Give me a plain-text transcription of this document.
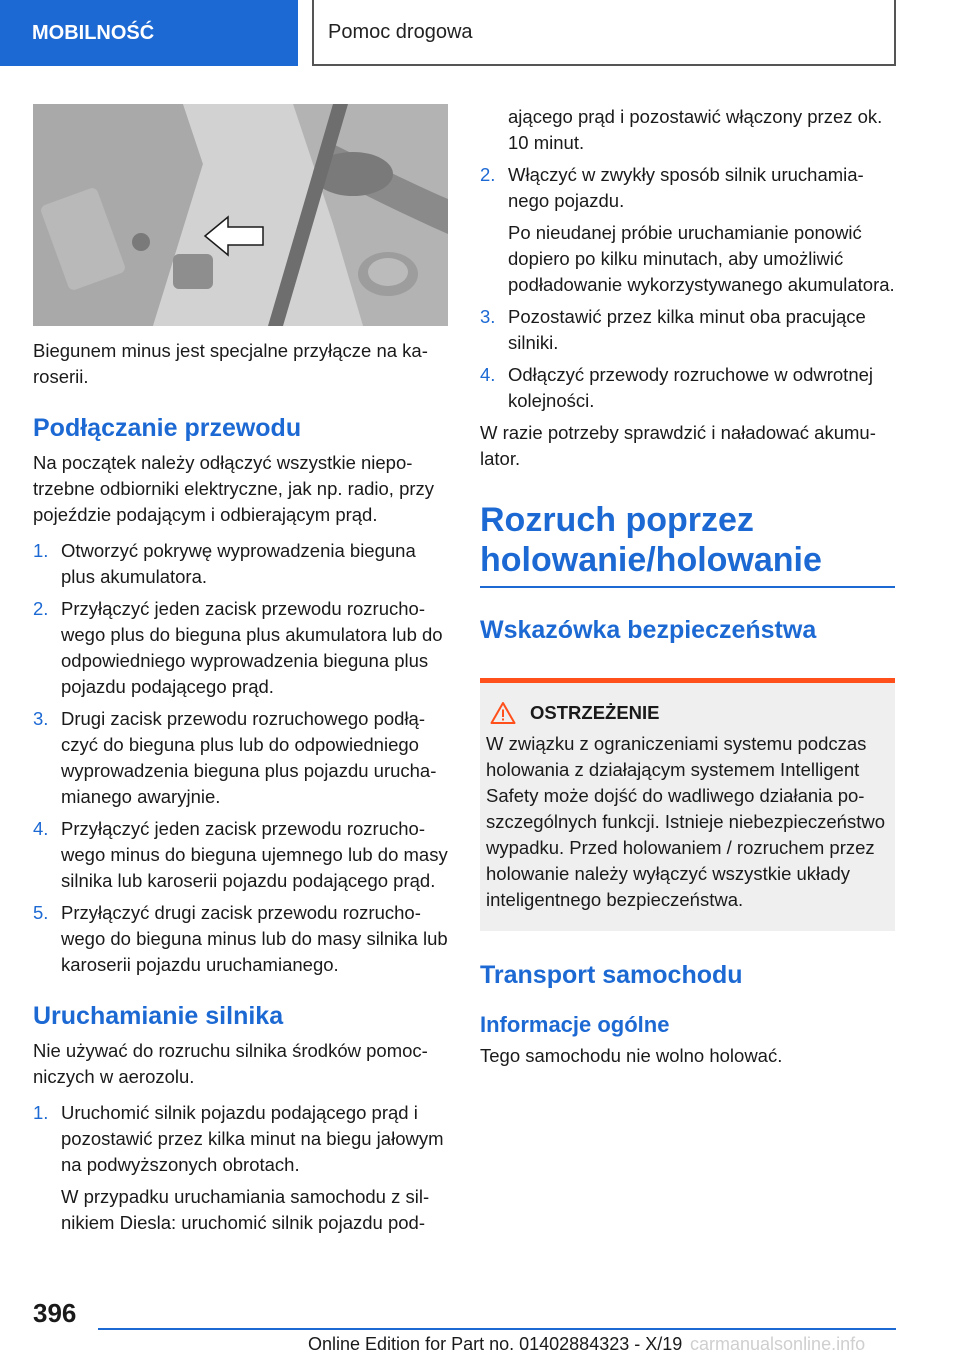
MOBILNOŚĆ	Pomoc drogowa

Biegunem minus jest specjalne przyłącze na karoserii.

Podłączanie przewodu

Na początek należy odłączyć wszystkie niepotrzebne odbiorniki elektryczne, jak np. radio, przy pojeździe podającym i odbierającym prąd.

1. Otworzyć pokrywę wyprowadzenia bieguna plus akumulatora.

2. Przyłączyć jeden zacisk przewodu rozruchowego plus do bieguna plus akumulatora lub do odpowiedniego wyprowadzenia bieguna plus pojazdu podającego prąd.

3. Drugi zacisk przewodu rozruchowego podłączyć do bieguna plus lub do odpowiedniego wyprowadzenia bieguna plus pojazdu uruchamianego awaryjnie.

4. Przyłączyć jeden zacisk przewodu rozruchowego minus do bieguna ujemnego lub do masy silnika lub karoserii pojazdu podającego prąd.

5. Przyłączyć drugi zacisk przewodu rozruchowego do bieguna minus lub do masy silnika lub karoserii pojazdu uruchamianego.

Uruchamianie silnika

Nie używać do rozruchu silnika środków pomocniczych w aerozolu.

1. Uruchomić silnik pojazdu podającego prąd i pozostawić przez kilka minut na biegu jałowym na podwyższonych obrotach.

W przypadku uruchamiania samochodu z silnikiem Diesla: uruchomić silnik pojazdu pod-

ającego prąd i pozostawić włączony przez ok. 10 minut.

2. Włączyć w zwykły sposób silnik uruchamianego pojazdu.

Po nieudanej próbie uruchamianie ponowić dopiero po kilku minutach, aby umożliwić podładowanie wykorzystywanego akumulatora.

3. Pozostawić przez kilka minut oba pracujące silniki.

4. Odłączyć przewody rozruchowe w odwrotnej kolejności.

W razie potrzeby sprawdzić i naładować akumulator.

Rozruch poprzez holowanie/holowanie
Wskazówka bezpieczeństwa
OSTRZEŻENIE

W związku z ograniczeniami systemu podczas holowania z działającym systemem Intelligent Safety może dojść do wadliwego działania poszczególnych funkcji. Istnieje niebezpieczeństwo wypadku. Przed holowaniem / rozruchem przez holowanie należy wyłączyć wszystkie układy inteligentnego bezpieczeństwa.

Transport samochodu
Informacje ogólne

Tego samochodu nie wolno holować.

396
Online Edition for Part no. 01402884323 - X/19 carmanualsonline.info
